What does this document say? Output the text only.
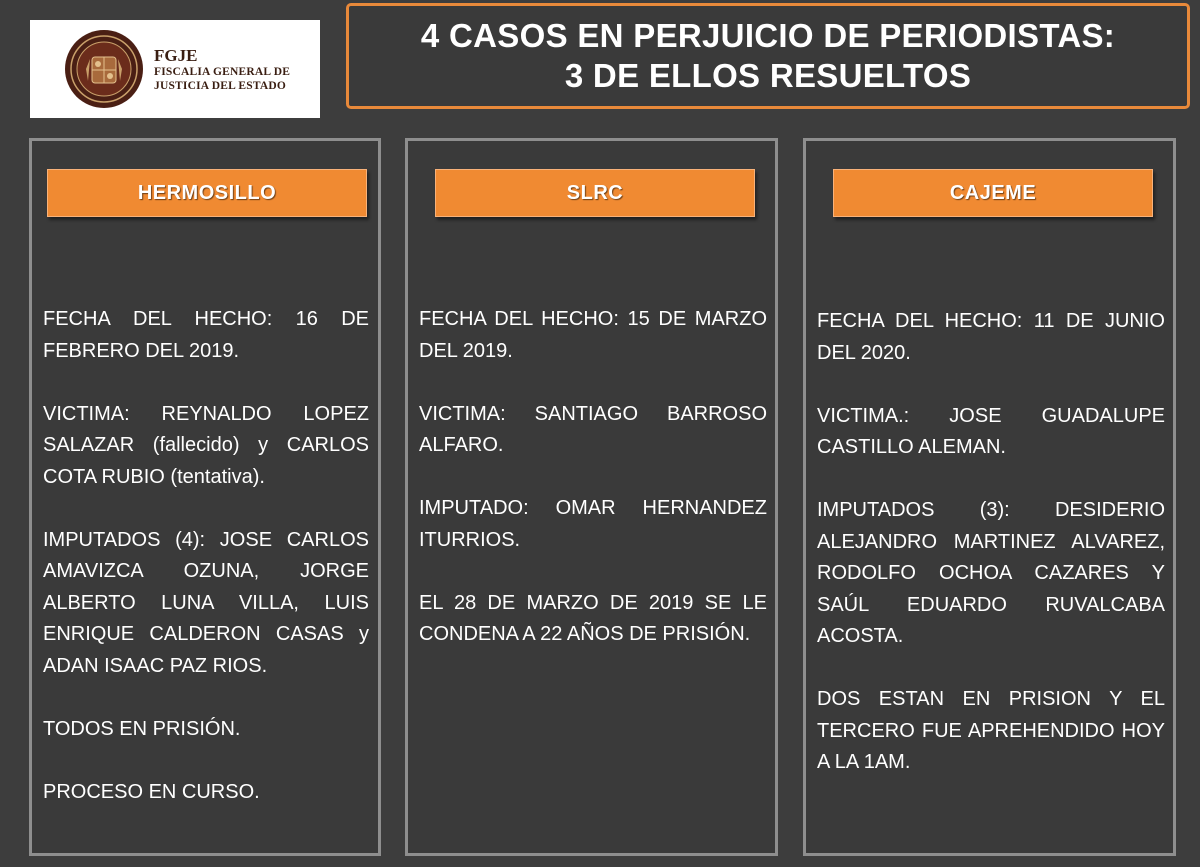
FGJE
FISCALIA GENERAL DE
JUSTICIA DEL ESTADO
4 CASOS EN PERJUICIO DE PERIODISTAS:
3 DE ELLOS RESUELTOS
HERMOSILLO

FECHA DEL HECHO: 16 DE FEBRERO DEL 2019.

VICTIMA: REYNALDO LOPEZ SALAZAR (fallecido) y CARLOS COTA RUBIO (tentativa).

IMPUTADOS (4): JOSE CARLOS AMAVIZCA OZUNA, JORGE ALBERTO LUNA VILLA, LUIS ENRIQUE CALDERON CASAS y ADAN ISAAC PAZ RIOS.

TODOS EN PRISIÓN.

PROCESO EN CURSO.

SLRC

FECHA DEL HECHO: 15 DE MARZO DEL 2019.

VICTIMA: SANTIAGO BARROSO ALFARO.

IMPUTADO: OMAR HERNANDEZ ITURRIOS.

EL 28 DE MARZO DE 2019 SE LE CONDENA A 22 AÑOS DE PRISIÓN.

CAJEME

FECHA DEL HECHO: 11 DE JUNIO DEL 2020.

VICTIMA.: JOSE GUADALUPE CASTILLO ALEMAN.

IMPUTADOS (3): DESIDERIO ALEJANDRO MARTINEZ ALVAREZ, RODOLFO OCHOA CAZARES Y SAÚL EDUARDO RUVALCABA ACOSTA.

DOS ESTAN EN PRISION Y EL TERCERO FUE APREHENDIDO HOY A LA 1AM.
